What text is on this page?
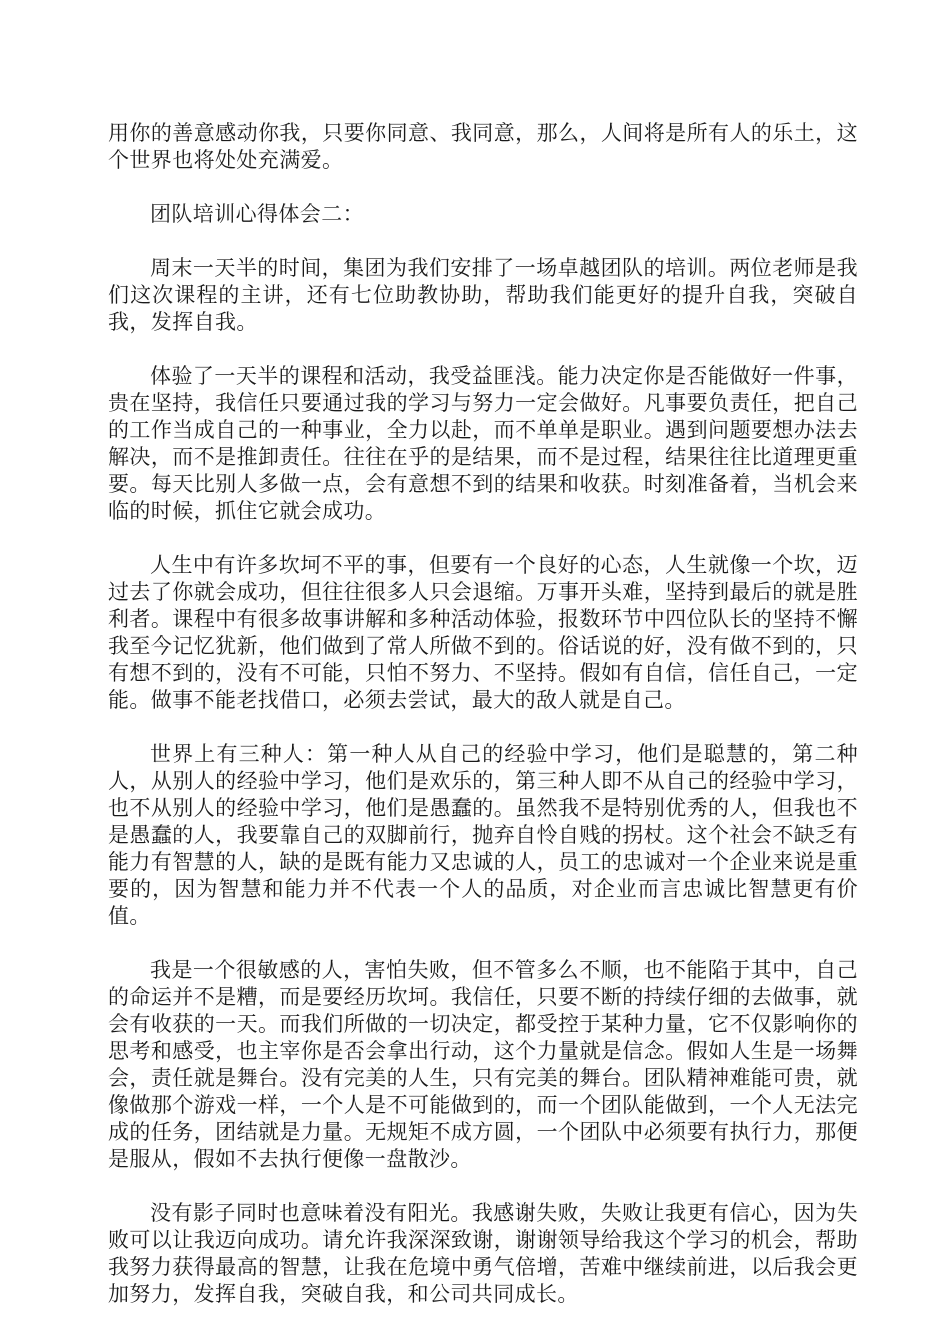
用你的善意感动你我，只要你同意、我同意，那么，人间将是所有人的乐土，这个世界也将处处充满爱。

团队培训心得体会二：

周末一天半的时间，集团为我们安排了一场卓越团队的培训。两位老师是我们这次课程的主讲，还有七位助教协助，帮助我们能更好的提升自我，突破自我，发挥自我。

体验了一天半的课程和活动，我受益匪浅。能力决定你是否能做好一件事，贵在坚持，我信任只要通过我的学习与努力一定会做好。凡事要负责任，把自己的工作当成自己的一种事业，全力以赴，而不单单是职业。遇到问题要想办法去解决，而不是推卸责任。往往在乎的是结果，而不是过程，结果往往比道理更重要。每天比别人多做一点，会有意想不到的结果和收获。时刻准备着，当机会来临的时候，抓住它就会成功。

人生中有许多坎坷不平的事，但要有一个良好的心态，人生就像一个坎，迈过去了你就会成功，但往往很多人只会退缩。万事开头难，坚持到最后的就是胜利者。课程中有很多故事讲解和多种活动体验，报数环节中四位队长的坚持不懈我至今记忆犹新，他们做到了常人所做不到的。俗话说的好，没有做不到的，只有想不到的，没有不可能，只怕不努力、不坚持。假如有自信，信任自己，一定能。做事不能老找借口，必须去尝试，最大的敌人就是自己。

世界上有三种人：第一种人从自己的经验中学习，他们是聪慧的，第二种人，从别人的经验中学习，他们是欢乐的，第三种人即不从自己的经验中学习，也不从别人的经验中学习，他们是愚蠢的。虽然我不是特别优秀的人，但我也不是愚蠢的人，我要靠自己的双脚前行，抛弃自怜自贱的拐杖。这个社会不缺乏有能力有智慧的人，缺的是既有能力又忠诚的人，员工的忠诚对一个企业来说是重要的，因为智慧和能力并不代表一个人的品质，对企业而言忠诚比智慧更有价值。

我是一个很敏感的人，害怕失败，但不管多么不顺，也不能陷于其中，自己的命运并不是糟，而是要经历坎坷。我信任，只要不断的持续仔细的去做事，就会有收获的一天。而我们所做的一切决定，都受控于某种力量，它不仅影响你的思考和感受，也主宰你是否会拿出行动，这个力量就是信念。假如人生是一场舞会，责任就是舞台。没有完美的人生，只有完美的舞台。团队精神难能可贵，就像做那个游戏一样，一个人是不可能做到的，而一个团队能做到，一个人无法完成的任务，团结就是力量。无规矩不成方圆，一个团队中必须要有执行力，那便是服从，假如不去执行便像一盘散沙。

没有影子同时也意味着没有阳光。我感谢失败，失败让我更有信心，因为失败可以让我迈向成功。请允许我深深致谢，谢谢领导给我这个学习的机会，帮助我努力获得最高的智慧，让我在危境中勇气倍增，苦难中继续前进，以后我会更加努力，发挥自我，突破自我，和公司共同成长。
